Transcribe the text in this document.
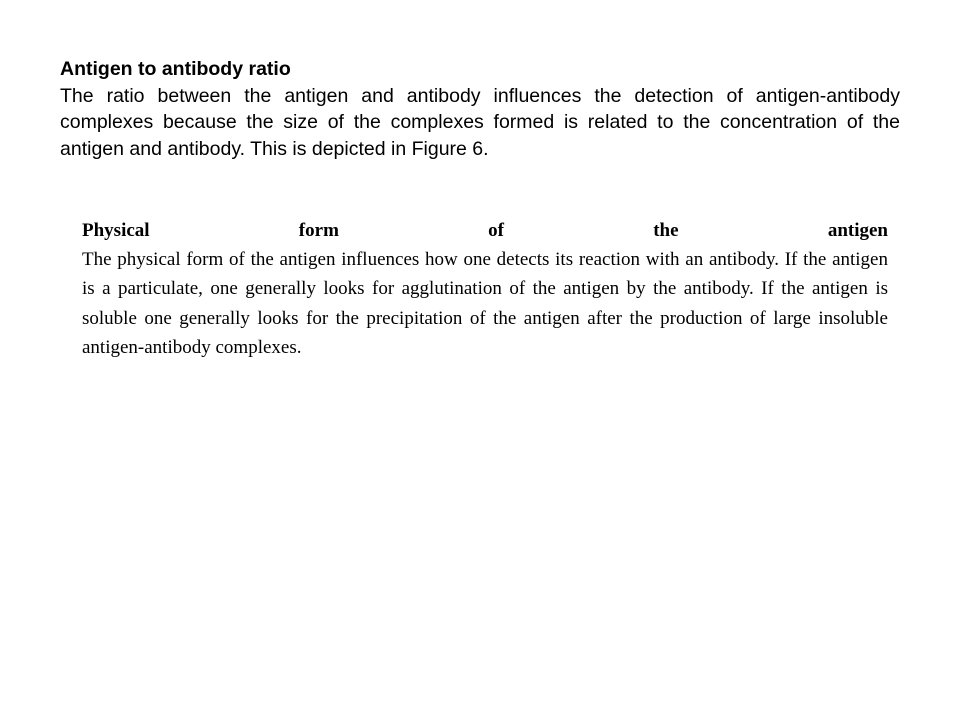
Antigen to antibody ratio
The ratio between the antigen and antibody influences the detection of antigen-antibody complexes because the size of the complexes formed is related to the concentration of the antigen and antibody. This is depicted in Figure 6.
Physical form of the antigen
The physical form of the antigen influences how one detects its reaction with an antibody. If the antigen is a particulate, one generally looks for agglutination of the antigen by the antibody. If the antigen is soluble one generally looks for the precipitation of the antigen after the production of large insoluble antigen-antibody complexes.
